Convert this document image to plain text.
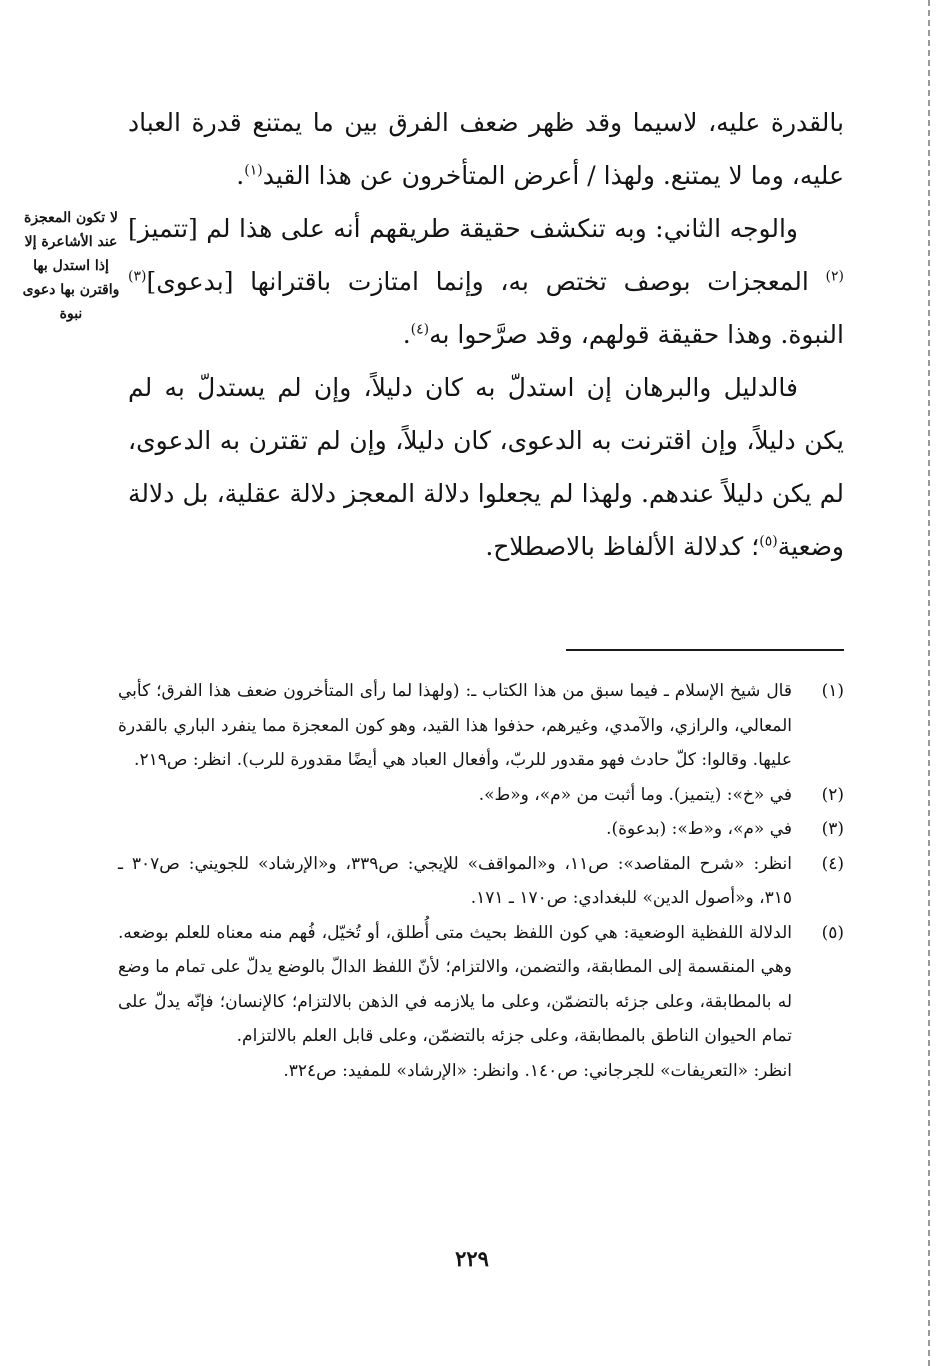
بالقدرة عليه، لاسيما وقد ظهر ضعف الفرق بين ما يمتنع قدرة العباد عليه، وما لا يمتنع. ولهذا / أعرض المتأخرون عن هذا القيد$^{(١)}$.

والوجه الثاني: وبه تنكشف حقيقة طريقهم أنه على هذا لم [تتميز]$^{(٢)}$ المعجزات بوصف تختص به، وإنما امتازت باقترانها [بدعوى]$^{(٣)}$ النبوة. وهذا حقيقة قولهم، وقد صرَّحوا به$^{(٤)}$.

فالدليل والبرهان إن استدلّ به كان دليلاً، وإن لم يستدلّ به لم يكن دليلاً، وإن اقترنت به الدعوى، كان دليلاً، وإن لم تقترن به الدعوى، لم يكن دليلاً عندهم. ولهذا لم يجعلوا دلالة المعجز دلالة عقلية، بل دلالة وضعية$^{(٥)}$؛ كدلالة الألفاظ بالاصطلاح.

لا تكون المعجزة عند الأشاعرة إلا إذا استدل بها واقترن بها دعوى نبوة
(١)
قال شيخ الإسلام ـ فيما سبق من هذا الكتاب ـ: (ولهذا لما رأى المتأخرون ضعف هذا الفرق؛ كأبي المعالي، والرازي، والآمدي، وغيرهم، حذفوا هذا القيد، وهو كون المعجزة مما ينفرد الباري بالقدرة عليها. وقالوا: كلّ حادث فهو مقدور للربّ، وأفعال العباد هي أيضًا مقدورة للرب). انظر: ص٢١٩.
(٢)
في «خ»: (يتميز). وما أثبت من «م»، و«ط».
(٣)
في «م»، و«ط»: (بدعوة).
(٤)
انظر: «شرح المقاصد»: ص١١، و«المواقف» للإيجي: ص٣٣٩، و«الإرشاد» للجويني: ص٣٠٧ ـ ٣١٥، و«أصول الدين» للبغدادي: ص١٧٠ ـ ١٧١.
(٥)
الدلالة اللفظية الوضعية: هي كون اللفظ بحيث متى أُطلق، أو تُخيّل، فُهم منه معناه للعلم بوضعه. وهي المنقسمة إلى المطابقة، والتضمن، والالتزام؛ لأنّ اللفظ الدالّ بالوضع يدلّ على تمام ما وضع له بالمطابقة، وعلى جزئه بالتضمّن، وعلى ما يلازمه في الذهن بالالتزام؛ كالإنسان؛ فإنّه يدلّ على تمام الحيوان الناطق بالمطابقة، وعلى جزئه بالتضمّن، وعلى قابل العلم بالالتزام.

انظر: «التعريفات» للجرجاني: ص١٤٠. وانظر: «الإرشاد» للمفيد: ص٣٢٤.

٢٢٩
